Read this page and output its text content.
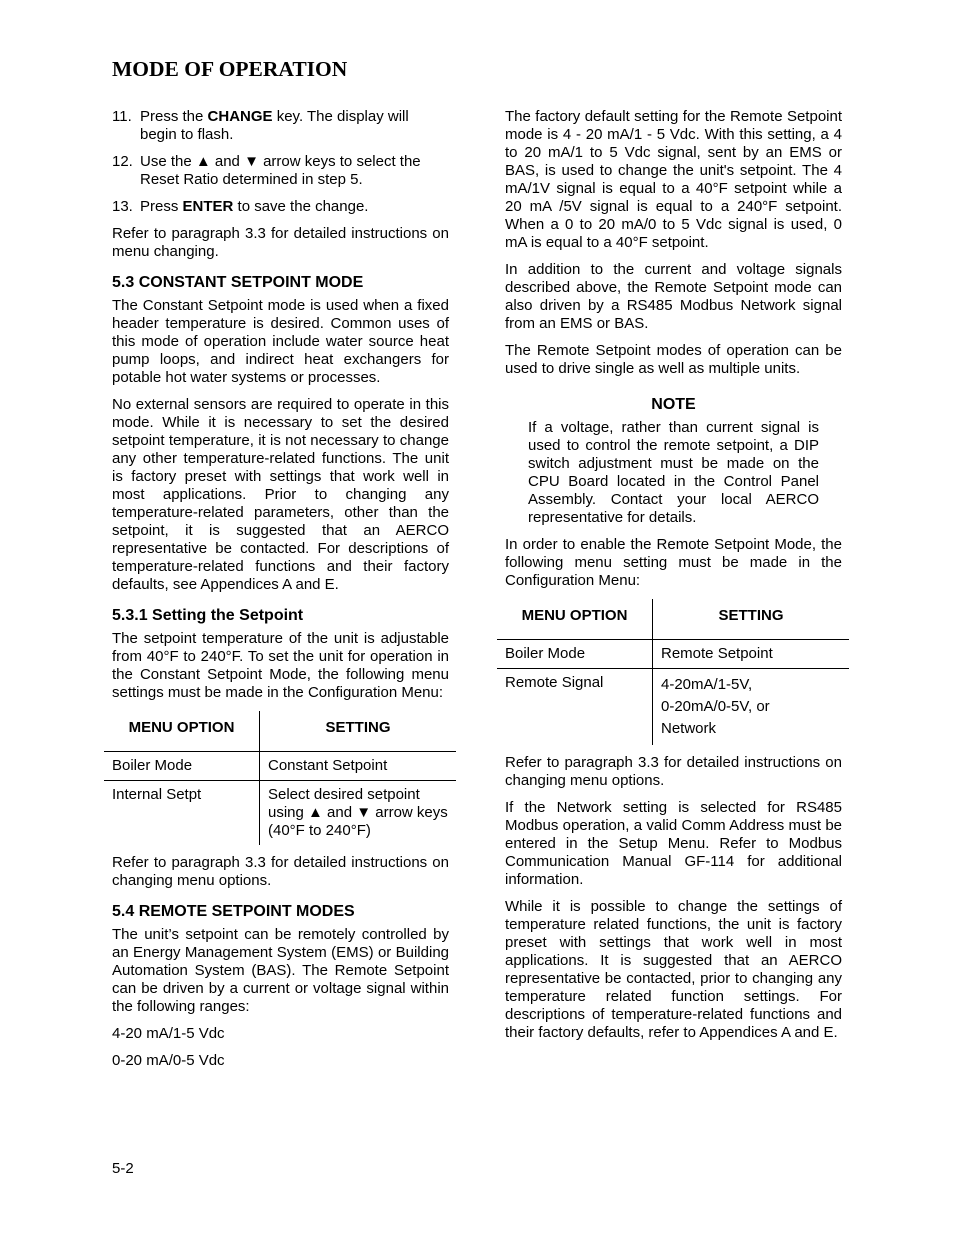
MODE OF OPERATION
11. Press the CHANGE key. The display will begin to flash.
12. Use the ▲ and ▼ arrow keys to select the Reset Ratio determined in step 5.
13. Press ENTER to save the change.

Refer to paragraph 3.3 for detailed instructions on menu changing.

5.3 CONSTANT SETPOINT MODE

The Constant Setpoint mode is used when a fixed header temperature is desired. Common uses of this mode of operation include water source heat pump loops, and indirect heat exchangers for potable hot water systems or processes.

No external sensors are required to operate in this mode. While it is necessary to set the desired setpoint temperature, it is not necessary to change any other temperature-related functions. The unit is factory preset with settings that work well in most applications. Prior to changing any temperature-related parameters, other than the setpoint, it is suggested that an AERCO representative be contacted. For descriptions of temperature-related functions and their factory defaults, see Appendices A and E.

5.3.1 Setting the Setpoint

The setpoint temperature of the unit is adjustable from 40°F to 240°F. To set the unit for operation in the Constant Setpoint Mode, the following menu settings must be made in the Configuration Menu:

MENU OPTION	SETTING
Boiler Mode	Constant Setpoint
Internal Setpt	Select desired setpoint using ▲ and ▼ arrow keys (40°F to 240°F)

Refer to paragraph 3.3 for detailed instructions on changing menu options.

5.4 REMOTE SETPOINT MODES

The unit’s setpoint can be remotely controlled by an Energy Management System (EMS) or Building Automation System (BAS). The Remote Setpoint can be driven by a current or voltage signal within the following ranges:

4-20 mA/1-5 Vdc

0-20 mA/0-5 Vdc

The factory default setting for the Remote Setpoint mode is 4 - 20 mA/1 - 5 Vdc. With this setting, a 4 to 20 mA/1 to 5 Vdc signal, sent by an EMS or BAS, is used to change the unit's setpoint. The 4 mA/1V signal is equal to a 40°F setpoint while a 20 mA /5V signal is equal to a 240°F setpoint. When a 0 to 20 mA/0 to 5 Vdc signal is used, 0 mA is equal to a 40°F setpoint.

In addition to the current and voltage signals described above, the Remote Setpoint mode can also driven by a RS485 Modbus Network signal from an EMS or BAS.

The Remote Setpoint modes of operation can be used to drive single as well as multiple units.

NOTE

If a voltage, rather than current signal is used to control the remote setpoint, a DIP switch adjustment must be made on the CPU Board located in the Control Panel Assembly. Contact your local AERCO representative for details.

In order to enable the Remote Setpoint Mode, the following menu setting must be made in the Configuration Menu:

MENU OPTION	SETTING
Boiler Mode	Remote Setpoint
Remote Signal	4-20mA/1-5V,
0-20mA/0-5V, or
Network

Refer to paragraph 3.3 for detailed instructions on changing menu options.

If the Network setting is selected for RS485 Modbus operation, a valid Comm Address must be entered in the Setup Menu. Refer to Modbus Communication Manual GF-114 for additional information.

While it is possible to change the settings of temperature related functions, the unit is factory preset with settings that work well in most applications. It is suggested that an AERCO representative be contacted, prior to changing any temperature related function settings. For descriptions of temperature-related functions and their factory defaults, refer to Appendices A and E.

5-2
